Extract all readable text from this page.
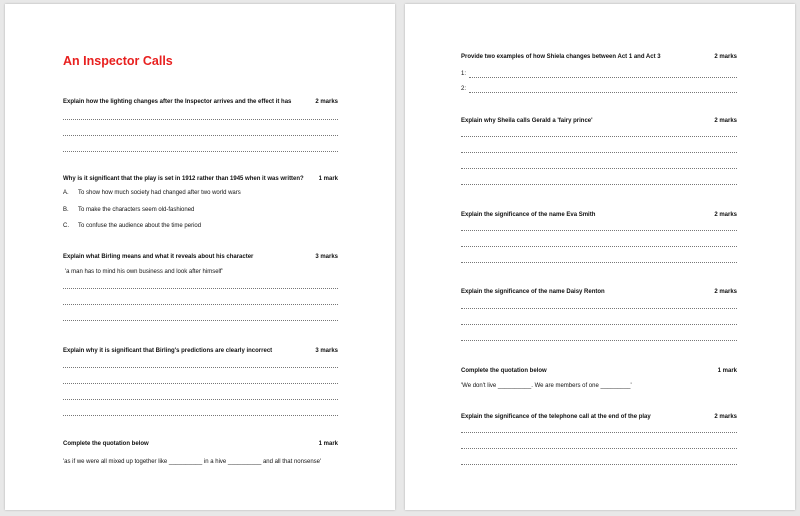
An Inspector Calls
Explain how the lighting changes after the Inspector arrives and the effect it has	2 marks
Why is it significant that the play is set in 1912 rather than 1945 when it was written? 1 mark
A. To show how much society had changed after two world wars
B. To make the characters seem old-fashioned
C. To confuse the audience about the time period
Explain what Birling means and what it reveals about his character	3 marks
'a man has to mind his own business and look after himself'
Explain why it is significant that Birling's predictions are clearly incorrect	3 marks
Complete the quotation below	1 mark
'as if we were all mixed up together like __________ in a hive __________ and all that nonsense'
Provide two examples of how Shiela changes between Act 1 and Act 3	2 marks
1:
2:
Explain why Sheila calls Gerald a 'fairy prince'	2 marks
Explain the significance of the name Eva Smith	2 marks
Explain the significance of the name Daisy Renton	2 marks
Complete the quotation below	1 mark
'We don't live __________. We are members of one _________'
Explain the significance of the telephone call at the end of the play	2 marks
